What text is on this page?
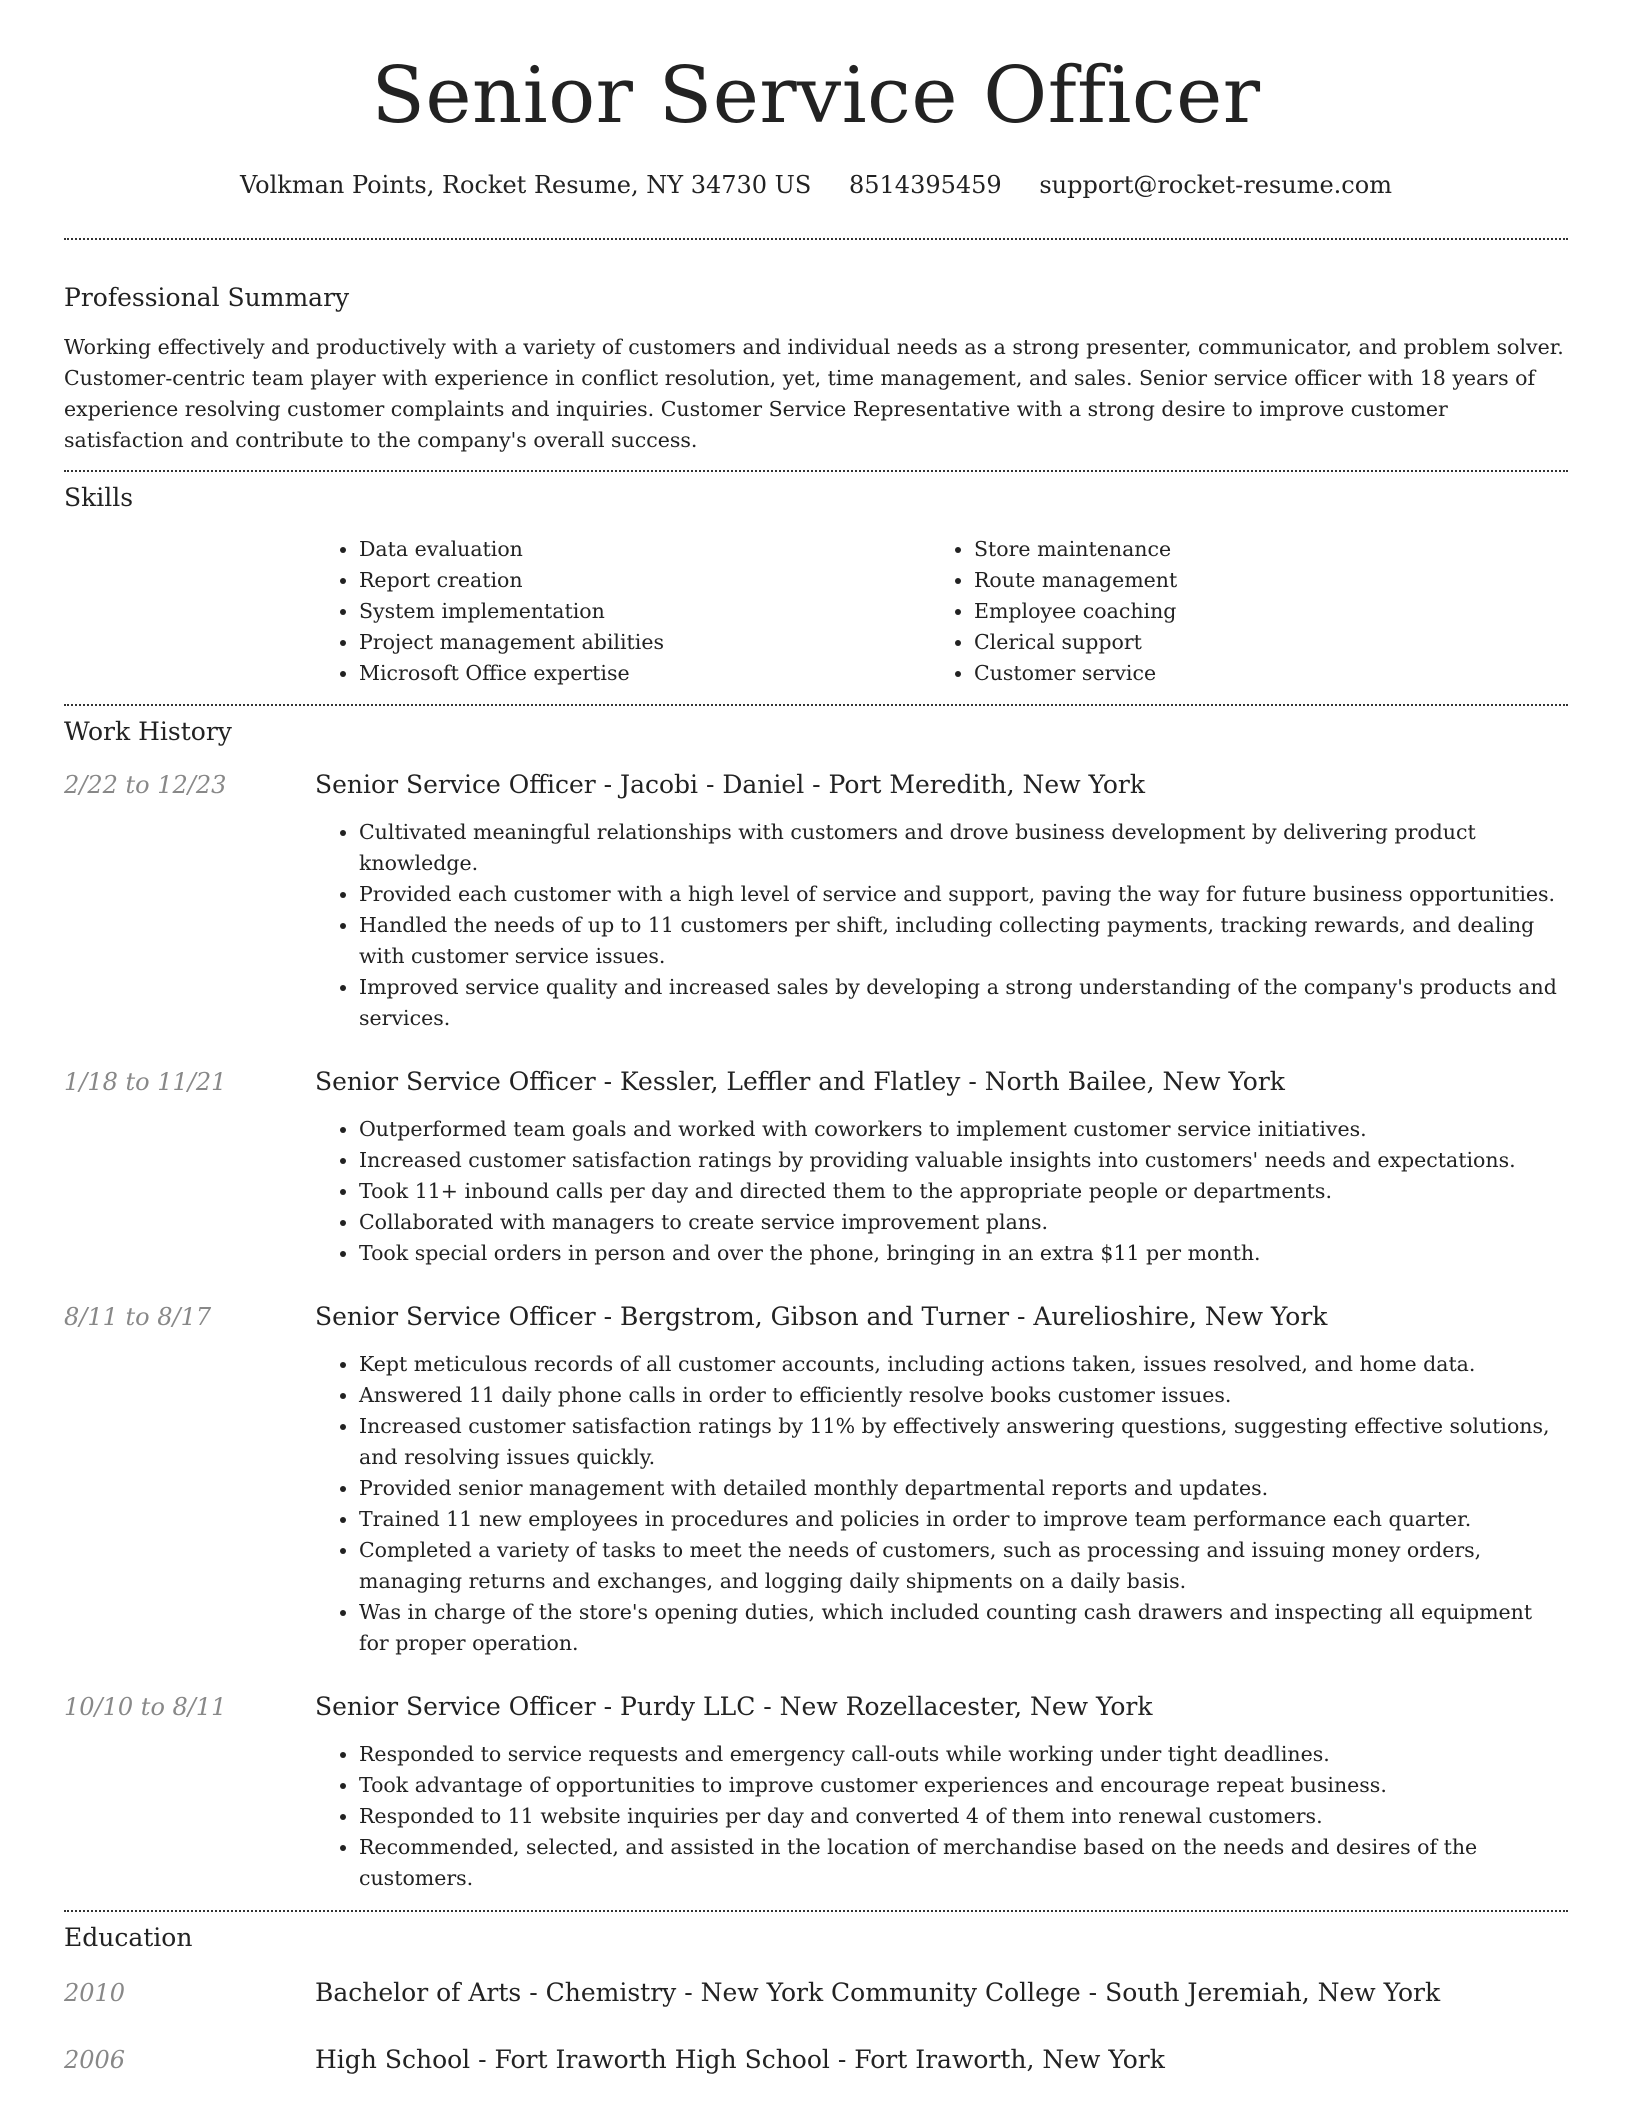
Senior Service Officer
Volkman Points, Rocket Resume, NY 34730 US 8514395459 support@rocket-resume.com
Professional Summary

Working effectively and productively with a variety of customers and individual needs as a strong presenter, communicator, and problem solver. Customer-centric team player with experience in conflict resolution, yet, time management, and sales. Senior service officer with 18 years of experience resolving customer complaints and inquiries. Customer Service Representative with a strong desire to improve customer satisfaction and contribute to the company's overall success.

Skills
• Data evaluation
• Report creation
• System implementation
• Project management abilities
• Microsoft Office expertise
• Store maintenance
• Route management
• Employee coaching
• Clerical support
• Customer service
Work History
2/22 to 12/23	Senior Service Officer - Jacobi - Daniel - Port Meredith, New York
• Cultivated meaningful relationships with customers and drove business development by delivering product knowledge.
• Provided each customer with a high level of service and support, paving the way for future business opportunities.
• Handled the needs of up to 11 customers per shift, including collecting payments, tracking rewards, and dealing with customer service issues.
• Improved service quality and increased sales by developing a strong understanding of the company's products and services.
1/18 to 11/21	Senior Service Officer - Kessler, Leffler and Flatley - North Bailee, New York
• Outperformed team goals and worked with coworkers to implement customer service initiatives.
• Increased customer satisfaction ratings by providing valuable insights into customers' needs and expectations.
• Took 11+ inbound calls per day and directed them to the appropriate people or departments.
• Collaborated with managers to create service improvement plans.
• Took special orders in person and over the phone, bringing in an extra $11 per month.
8/11 to 8/17	Senior Service Officer - Bergstrom, Gibson and Turner - Aurelioshire, New York
• Kept meticulous records of all customer accounts, including actions taken, issues resolved, and home data.
• Answered 11 daily phone calls in order to efficiently resolve books customer issues.
• Increased customer satisfaction ratings by 11% by effectively answering questions, suggesting effective solutions, and resolving issues quickly.
• Provided senior management with detailed monthly departmental reports and updates.
• Trained 11 new employees in procedures and policies in order to improve team performance each quarter.
• Completed a variety of tasks to meet the needs of customers, such as processing and issuing money orders, managing returns and exchanges, and logging daily shipments on a daily basis.
• Was in charge of the store's opening duties, which included counting cash drawers and inspecting all equipment for proper operation.
10/10 to 8/11	Senior Service Officer - Purdy LLC - New Rozellacester, New York
• Responded to service requests and emergency call-outs while working under tight deadlines.
• Took advantage of opportunities to improve customer experiences and encourage repeat business.
• Responded to 11 website inquiries per day and converted 4 of them into renewal customers.
• Recommended, selected, and assisted in the location of merchandise based on the needs and desires of the customers.
Education
2010	Bachelor of Arts - Chemistry - New York Community College - South Jeremiah, New York
2006	High School - Fort Iraworth High School - Fort Iraworth, New York
